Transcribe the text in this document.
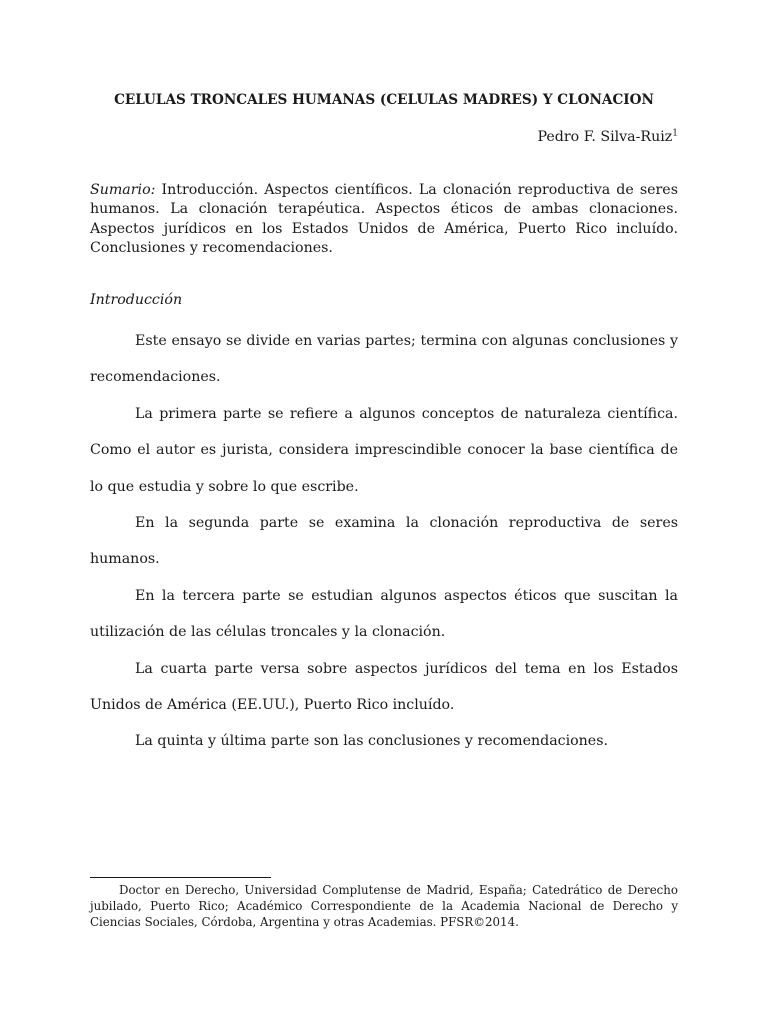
CELULAS TRONCALES HUMANAS (CELULAS MADRES) Y CLONACION
Pedro F. Silva-Ruiz$^1$
Sumario: Introducción. Aspectos científicos. La clonación reproductiva de seres humanos. La clonación terapéutica. Aspectos éticos de ambas clonaciones. Aspectos jurídicos en los Estados Unidos de América, Puerto Rico incluído. Conclusiones y recomendaciones.
Introducción

Este ensayo se divide en varias partes; termina con algunas conclusiones y recomendaciones.

La primera parte se refiere a algunos conceptos de naturaleza científica. Como el autor es jurista, considera imprescindible conocer la base científica de lo que estudia y sobre lo que escribe.

En la segunda parte se examina la clonación reproductiva de seres humanos.

En la tercera parte se estudian algunos aspectos éticos que suscitan la utilización de las células troncales y la clonación.

La cuarta parte versa sobre aspectos jurídicos del tema en los Estados Unidos de América (EE.UU.), Puerto Rico incluído.

La quinta y última parte son las conclusiones y recomendaciones.

Doctor en Derecho, Universidad Complutense de Madrid, España; Catedrático de Derecho jubilado, Puerto Rico; Académico Correspondiente de la Academia Nacional de Derecho y Ciencias Sociales, Córdoba, Argentina y otras Academias. PFSR©2014.
